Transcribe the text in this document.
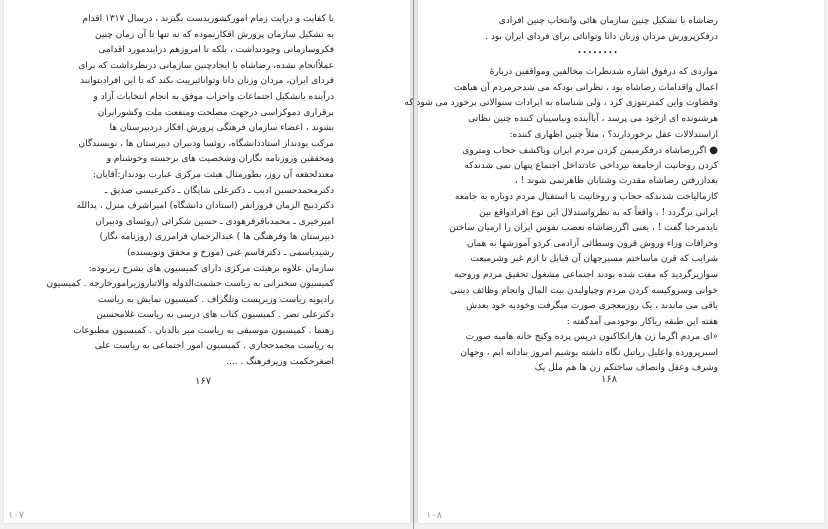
با کفایت و درایت زمام امورکشوربدست بگیرند ، درسال ۱۳۱۷ اقدام
به تشکیل سازمان پرورش افکارنموده که نه تنها تا آن زمان چنین
فکروسازمانی وجودنداشت ، بلکه تا امروزهم درایندمورد اقدامی
عملاًانجام نشده، رضاشاه با ایجادچنین سازمانی درنظرداشت که برای
فردای ایران، مردان وزنان دانا وتوانائیرییت بکند که تا این افرادبتوانند
درآینده بانشکیل اجتماعات واحزاب موفق به انجام انتخابات آزاد و
برقراری دموکراسی درجهت مصلحت ومنفعت ملت وکشورایران
بشوند ، اعضاء سازمان فرهنگی پرورش افکار دردبیرستان ها
مرکب بودنداز استاددانشگاه، روئسا ودبیران دبیرستان ها ، نویسندگان
ومحققین وروزنامه نگاران وشخصیت های برجسته وخوشنام و
معتدلحقعه آن روز، بطورمثال هیئت مرکزی عبارت بودنداز:آقایان:
دکترمحمدحسین ادیب ـ دکترعلی شایگان ـ دکترعیسی صدیق ـ
دکترذبیح الزمان فروزانفر (استادان دانشگاه) امیراشرف منزل ، یدالله
امیرخیزی ـ محمدباقرفرهودی ـ حسین شکرائی (روئسای ودبیران
دبیرستان ها وفرهنگی ها ) عبدالرحمان فرامرزی (روزنامه نگار)
رشیدیاسمی ـ دکترقاسم غنی (مورخ و محقق ونویسنده)
سازمان علاوه برهیئت مرکزی دارای کمیسیون های بشرح زیربوده:
کمیسیون سخنرانی به ریاست حشمت‌الدوله والاتباروزیرامورخارجه . کمیسیون
رادیوبه ریاست وزیرپست وتلگراف . کمیسیون نمایش به ریاست
دکترعلی نصر . کمیسیون کتاب های درسی به ریاست غلامحسین
رهنما . کمیسیون موسیقی به ریاست میر بالدیان . کمیسیون مطبوعات
به ریاست محمدحجازی . کمیسیون امور اجتماعی به ریاست علی
اصغرحکمت وزیرفرهنگ . ....
۱۶۷
رضاشاه با تشکیل چنین سازمان هائی وانتخاب چنین افرادی
درفکرپرورش مردان وزنان دانا وتوانائی برای فردای ایران بود .
••••••••
مواردی که درفوق اشاره شدنظرات مخالفین ومواقفین دربارهٔ
اعمال واقدامات رضاشاه بود ، نظراتی بودکه می شدحرمردم آن هیاهت
وقضاوت واین کمترتتوزی کرد ، ولی شناساه به ایرادات سنوالاتی برخورد می شود که
هرشنونده ای ازخود می پرسد ، آیاآینده ونیاسیبان کننده چنین نظاتی
ازاستدلالات عقل برخوردارند؟ ، مثلاً چنین اظهاری کننده:
● اگررضاشاه درفکرمیمن کردن مردم ایران وباکشف حجاب ومتروی
کردن روحانیت ازجامعه نیرداخی عادتداخل اجتماع پنهان نمی شدندکه
بعدازرفتن رضاشاه مقدرت وشتابان ظاهرنمی شوند ! ،
کارمالیاخت شدندکه حجاب و روحانیت با استقبال مردم دوباره به جامعه
ایرانی برگردد ! ، واقعاً که به نظرواستدلال این نوع افرادواقع بین
بایدمرحبا گفت ! ، یعنی اگررضاشاه تعصب نفوس ایران را ازمیان ساختن
وخرافات وزاء وروش قرون وسطائی آزادمی کردو آموزشها به همان
شرایب که قرن ماساختم مسیرجهان آن قبایل تا ازم غیر وشرمیعت
سوازیرگردید که مفت شده بودند اجتماعی مشغول تحقیق مردم وروحیه
خوانی وسروکیسه کردن مردم وچپاولیدن بیت المال وانجام وظائف دیننی
باقی می ماندند ، یک روزمعجزی صورت میگرفت وخودبه خود بعدش
هفته این طبقه ریاکار بوجودمی آمدگفته :
«ای مردم اگرما زن هارانکاکنون درپس پرده وکنج خانه هامیه صورت
اسیرپرورده واعلیل رباتیل نگاه داشته بوشیم امروز بنادانه ایم ، وجهان
وشرف وعقل وانصاف ساختکم زن ها هم ملل یک
۱۶۸
۱۰۷	۱۰۸
